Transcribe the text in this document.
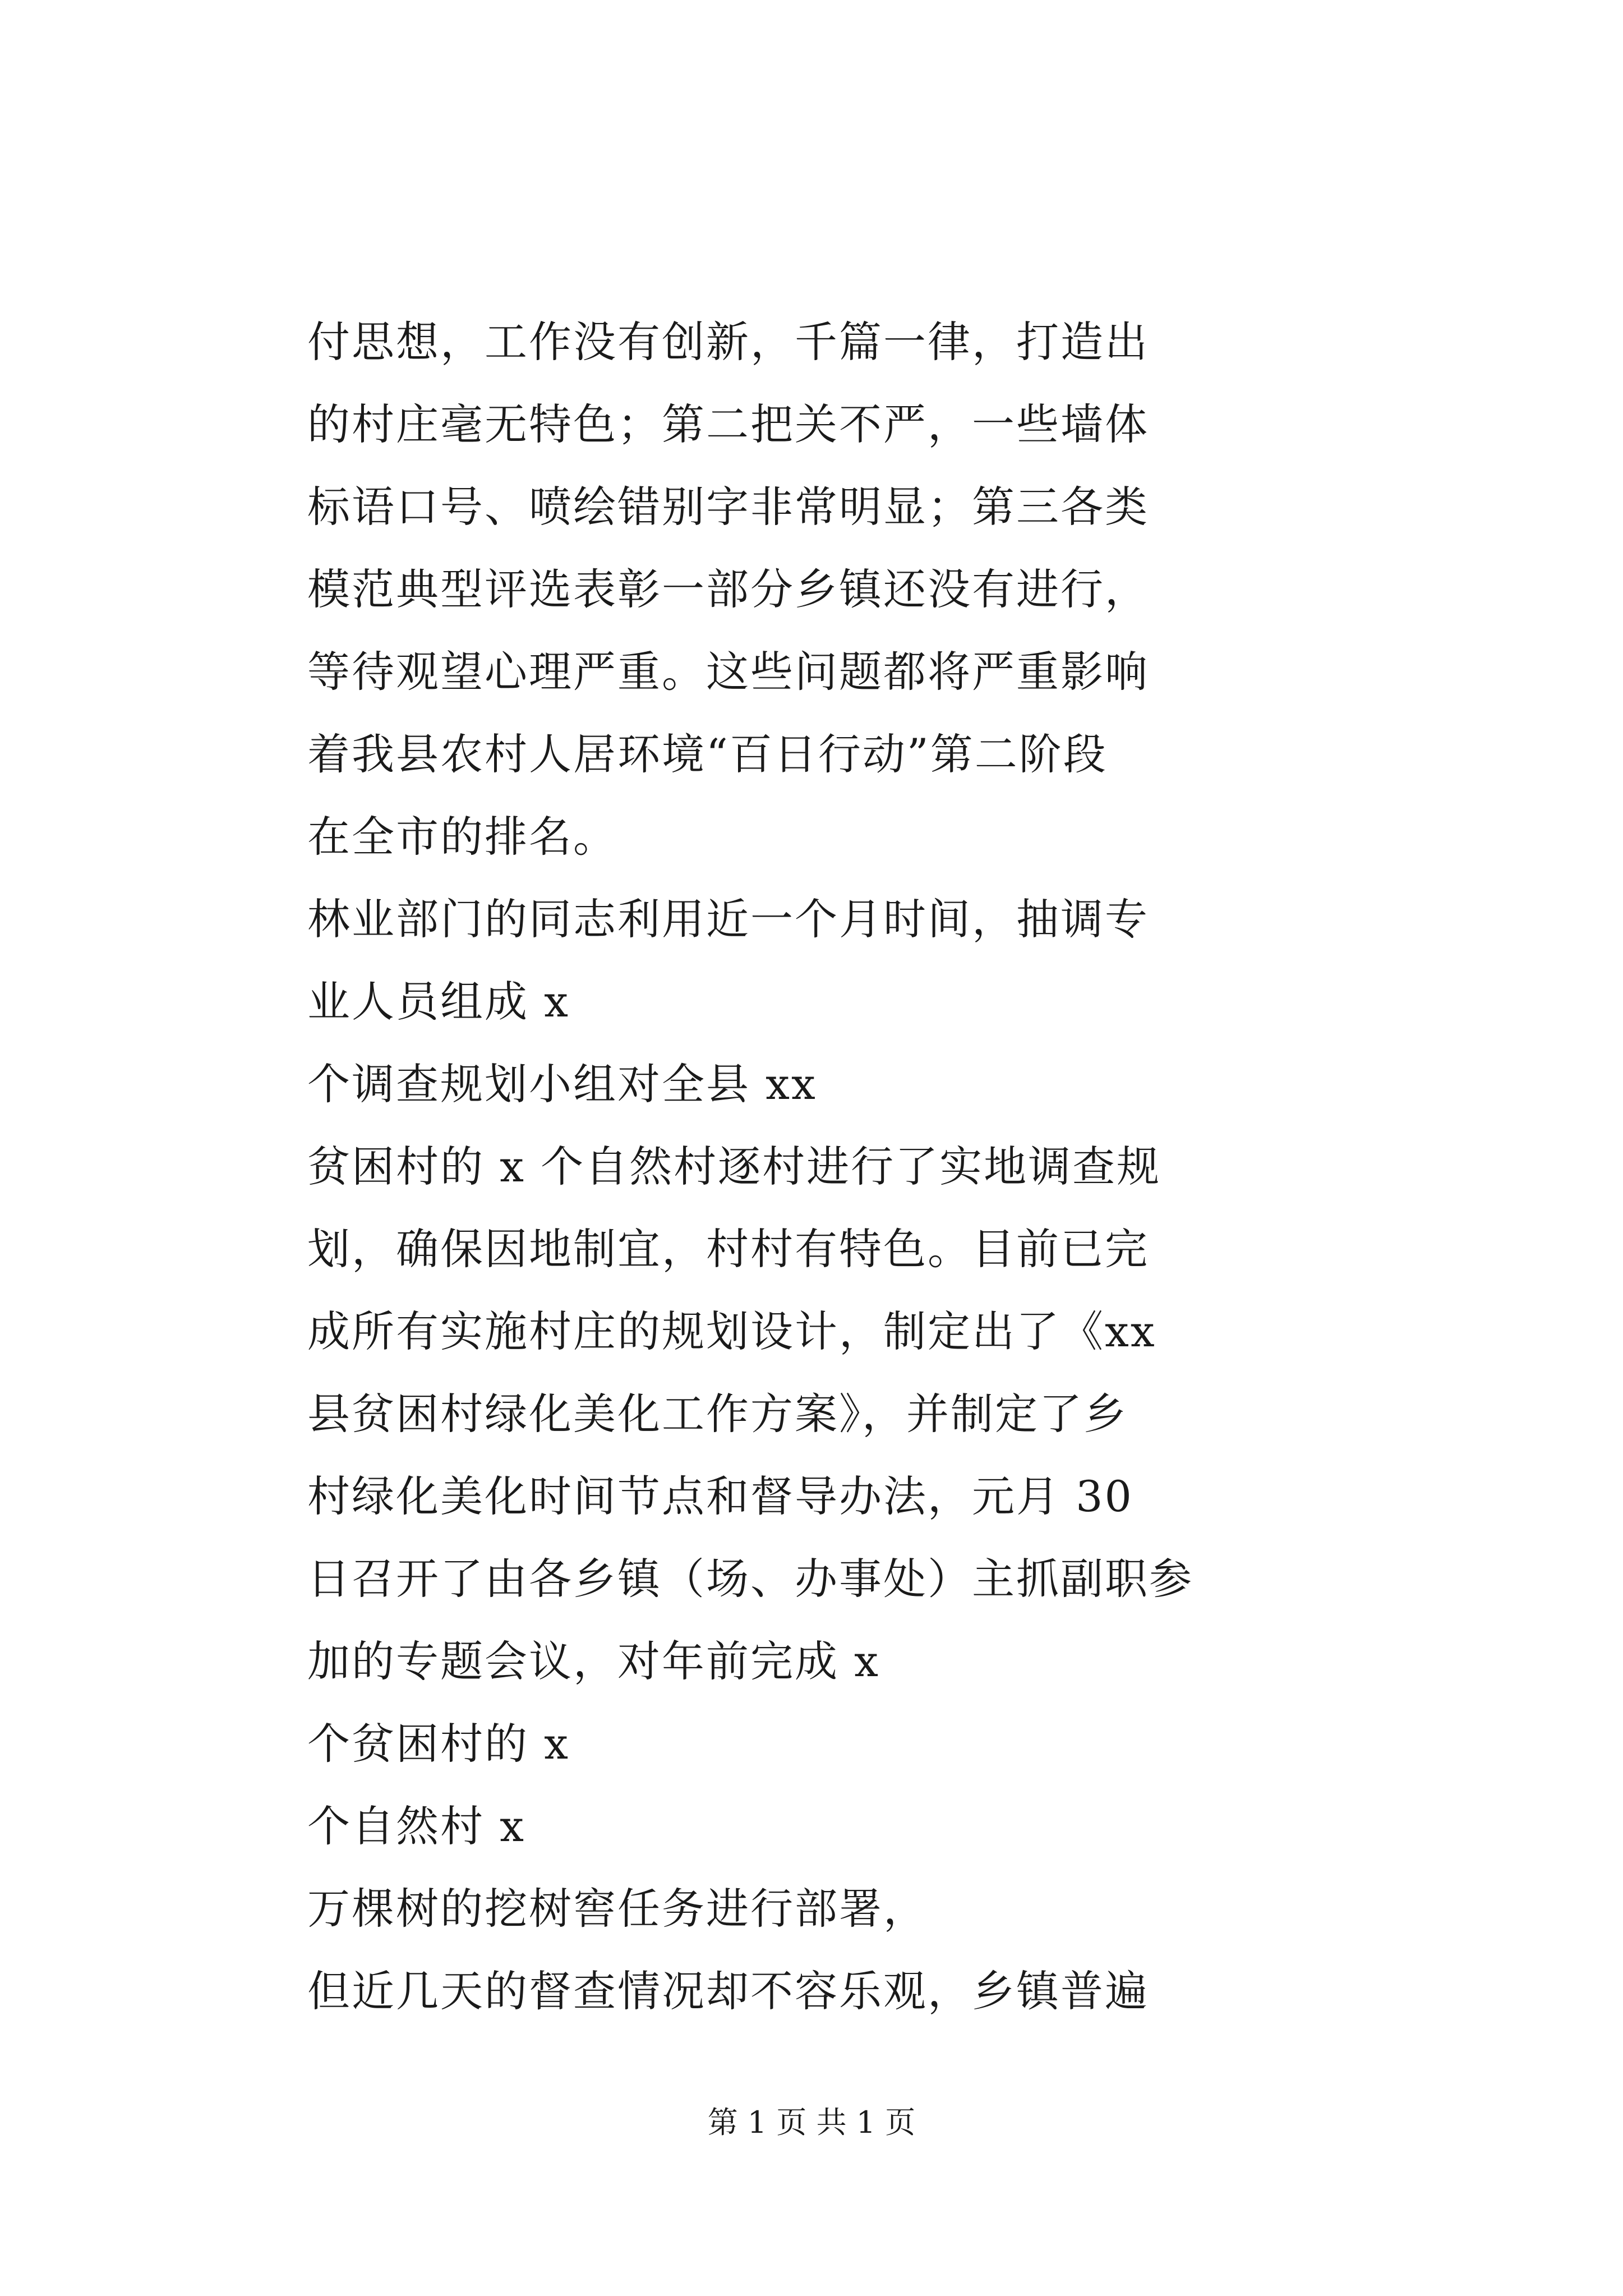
付思想，工作没有创新，千篇一律，打造出
的村庄毫无特色；第二把关不严，一些墙体
标语口号、喷绘错别字非常明显；第三各类
模范典型评选表彰一部分乡镇还没有进行，
等待观望心理严重。这些问题都将严重影响
着我县农村人居环境“百日行动”第二阶段
在全市的排名。
林业部门的同志利用近一个月时间，抽调专
业人员组成 x
个调查规划小组对全县 xx
贫困村的 x 个自然村逐村进行了实地调查规
划，确保因地制宜，村村有特色。目前已完
成所有实施村庄的规划设计，制定出了《xx
县贫困村绿化美化工作方案》，并制定了乡
村绿化美化时间节点和督导办法，元月 30
日召开了由各乡镇（场、办事处）主抓副职参
加的专题会议，对年前完成 x
个贫困村的 x
个自然村 x
万棵树的挖树窖任务进行部署，
但近几天的督查情况却不容乐观，乡镇普遍
第 1 页 共 1 页
